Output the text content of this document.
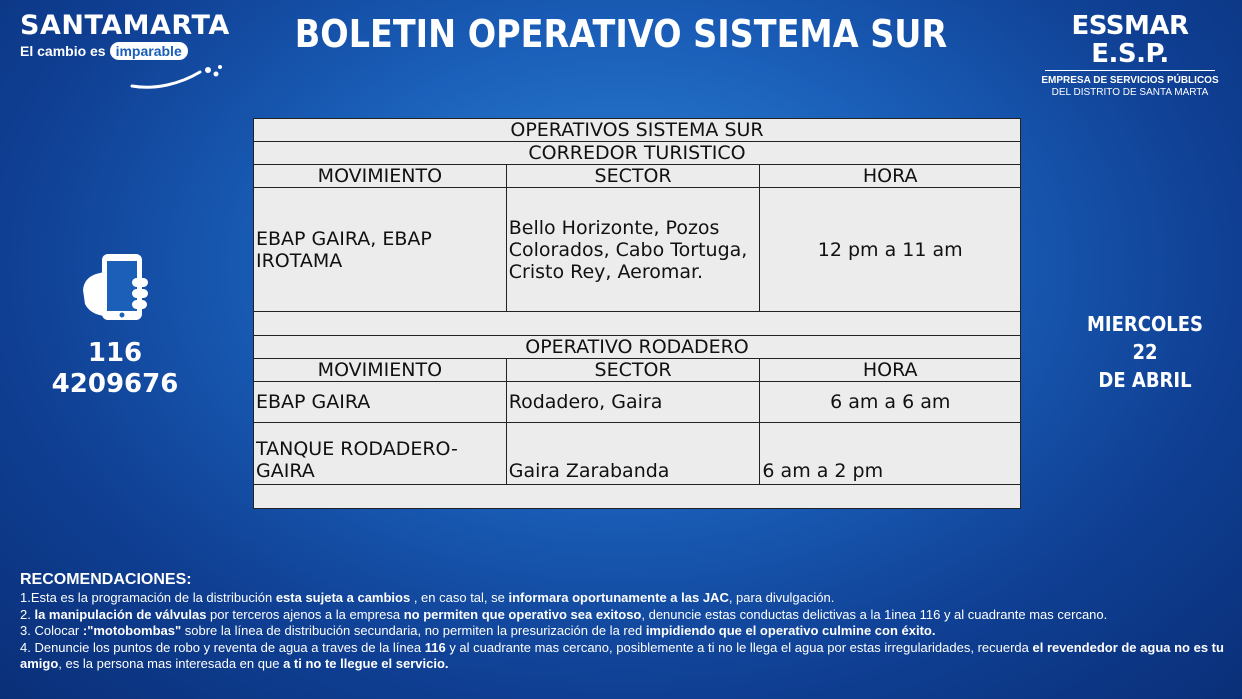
SANTAMARTA
El cambio es imparable	BOLETIN OPERATIVO SISTEMA SUR	ESSMAR E.S.P.
EMPRESA DE SERVICIOS PÚBLICOS
DEL DISTRITO DE SANTA MARTA
116
4209676
MIERCOLES
22
DE ABRIL
OPERATIVOS SISTEMA SUR		
CORREDOR TURISTICO		
MOVIMIENTO	SECTOR	HORA
EBAP GAIRA, EBAP IROTAMA	Bello Horizonte, Pozos Colorados, Cabo Tortuga, Cristo Rey, Aeromar.	12 pm a 11 am

OPERATIVO RODADERO		
MOVIMIENTO	SECTOR	HORA
EBAP GAIRA	Rodadero, Gaira	6 am a 6 am
TANQUE RODADERO-GAIRA	Gaira Zarabanda	6 am a 2 pm

RECOMENDACIONES:
1.Esta es la programación de la distribución esta sujeta a cambios , en caso tal, se informara oportunamente a las JAC, para divulgación.
2. la manipulación de válvulas por terceros ajenos a la empresa no permiten que operativo sea exitoso, denuncie estas conductas delictivas a la 1inea 116 y al cuadrante mas cercano.
3. Colocar :"motobombas" sobre la línea de distribución secundaria, no permiten la presurización de la red impidiendo que el operativo culmine con éxito.
4. Denuncie los puntos de robo y reventa de agua a traves de la línea 116 y al cuadrante mas cercano, posiblemente a ti no le llega el agua por estas irregularidades, recuerda el revendedor de agua no es tu amigo, es la persona mas interesada en que a ti no te llegue el servicio.
